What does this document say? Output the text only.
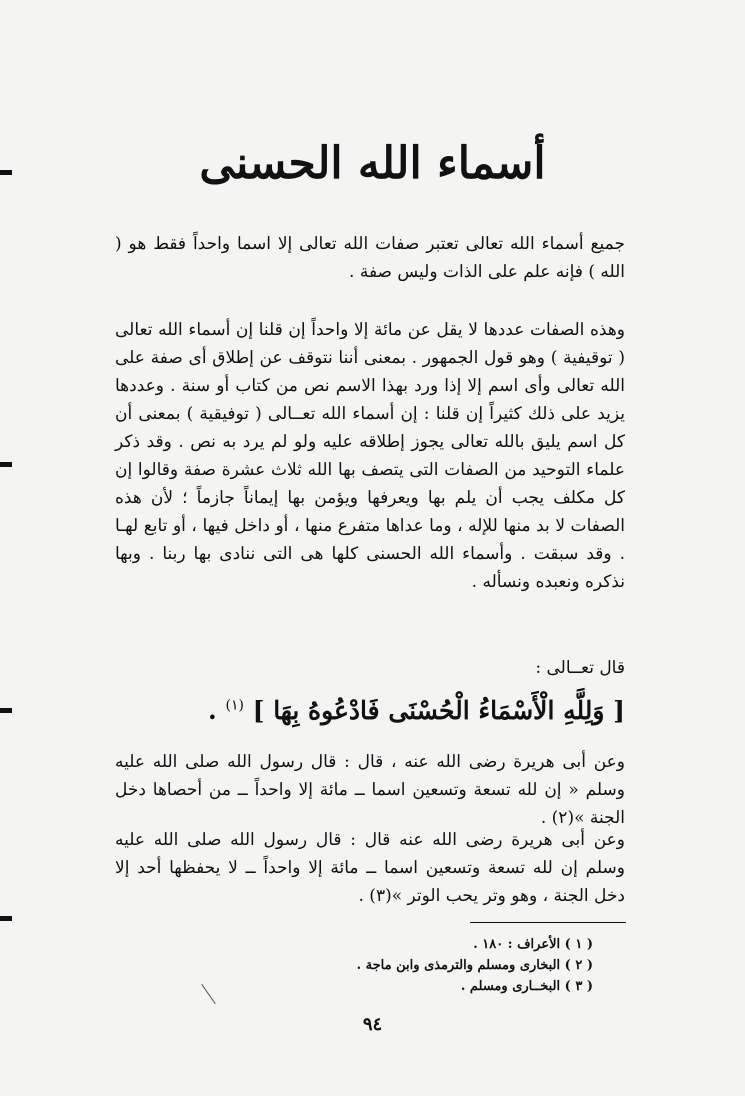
أسماء الله الحسنى

جميع أسماء الله تعالى تعتبر صفات الله تعالى إلا اسما واحداً فقط هو ( الله ) فإنه علم على الذات وليس صفة .

وهذه الصفات عددها لا يقل عن مائة إلا واحداً إن قلنا إن أسماء الله تعالى ( توقيفية ) وهو قول الجمهور . بمعنى أننا نتوقف عن إطلاق أى صفة على الله تعالى وأى اسم إلا إذا ورد بهذا الاسم نص من كتاب أو سنة . وعددها يزيد على ذلك كثيراً إن قلنا : إن أسماء الله تعــالى ( توفيقية ) بمعنى أن كل اسم يليق بالله تعالى يجوز إطلاقه عليه ولو لم يرد به نص . وقد ذكر علماء التوحيد من الصفات التى يتصف بها الله ثلاث عشرة صفة وقالوا إن كل مكلف يجب أن يلم بها ويعرفها ويؤمن بها إيماناً جازماً ؛ لأن هذه الصفات لا بد منها للإله ، وما عداها متفرع منها ، أو داخل فيها ، أو تابع لهـا . وقد سبقت . وأسماء الله الحسنى كلها هى التى ننادى بها ربنا . وبها نذكره ونعبده ونسأله .

قال تعــالى :

[ وَلِلَّهِ الْأَسْمَاءُ الْحُسْنَى فَادْعُوهُ بِهَا ] $^{(١)}$ .

وعن أبى هريرة رضى الله عنه ، قال : قال رسول الله صلى الله عليه وسلم « إن لله تسعة وتسعين اسما ــ مائة إلا واحداً ــ من أحصاها دخل الجنة »(٢) .

وعن أبى هريرة رضى الله عنه قال : قال رسول الله صلى الله عليه وسلم إن لله تسعة وتسعين اسما ــ مائة إلا واحداً ــ لا يحفظها أحد إلا دخل الجنة ، وهو وتر يحب الوتر »(٣) .

( ١ ) الأعراف : ١٨٠ .
( ٢ ) البخارى ومسلم والترمذى وابن ماجة .
( ٣ ) البخــارى ومسلم .
٩٤
